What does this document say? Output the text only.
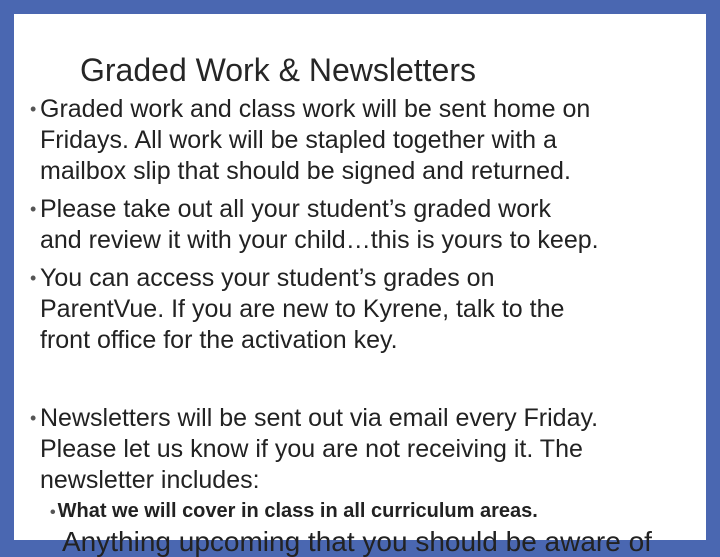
Graded Work & Newsletters
• Graded work and class work will be sent home on
Fridays. All work will be stapled together with a
mailbox slip that should be signed and returned.
• Please take out all your student’s graded work
and review it with your child…this is yours to keep.
• You can access your student’s grades on
ParentVue. If you are new to Kyrene, talk to the
front office for the activation key.
• Newsletters will be sent out via email every Friday.
Please let us know if you are not receiving it. The
newsletter includes:
• What we will cover in class in all curriculum areas.
Anything upcoming that you should be aware of
